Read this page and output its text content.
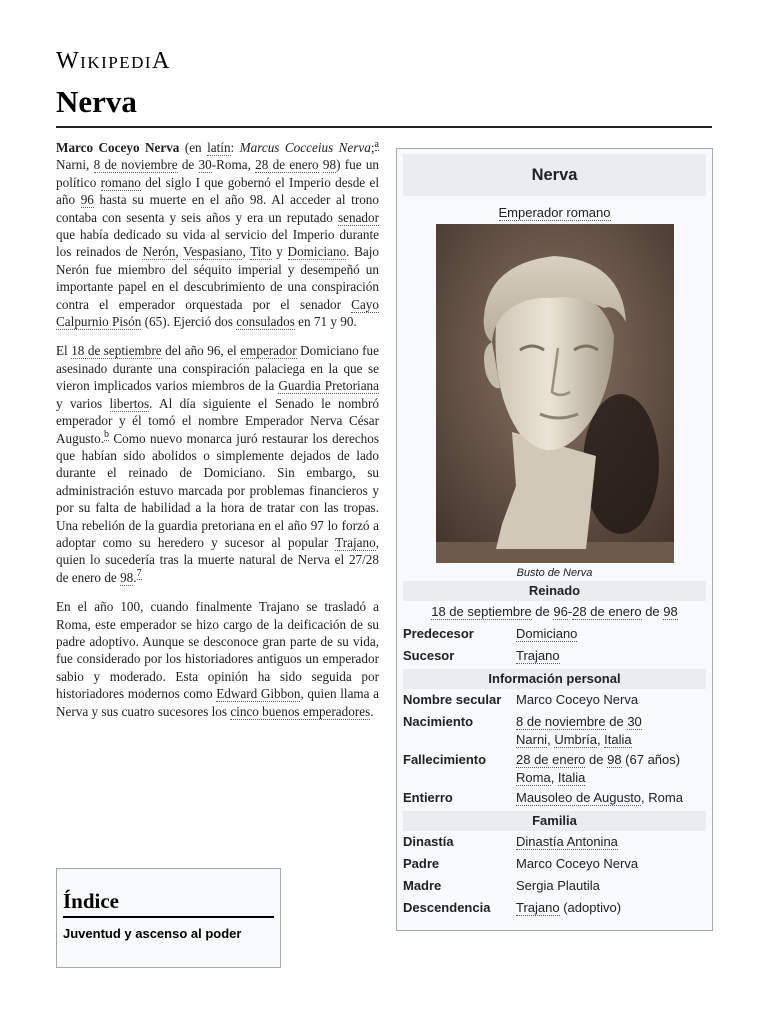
WIKIPEDIA
Nerva

Marco Coceyo Nerva (en latín: Marcus Cocceius Nerva;$^a$ Narni, 8 de noviembre de 30-Roma, 28 de enero 98) fue un político romano del siglo I que gobernó el Imperio desde el año 96 hasta su muerte en el año 98. Al acceder al trono contaba con sesenta y seis años y era un reputado senador que había dedicado su vida al servicio del Imperio durante los reinados de Nerón, Vespasiano, Tito y Domiciano. Bajo Nerón fue miembro del séquito imperial y desempeñó un importante papel en el descubrimiento de una conspiración contra el emperador orquestada por el senador Cayo Calpurnio Pisón (65). Ejerció dos consulados en 71 y 90.

El 18 de septiembre del año 96, el emperador Domiciano fue asesinado durante una conspiración palaciega en la que se vieron implicados varios miembros de la Guardia Pretoriana y varios libertos. Al día siguiente el Senado le nombró emperador y él tomó el nombre Emperador Nerva César Augusto.$^b$ Como nuevo monarca juró restaurar los derechos que habían sido abolidos o simplemente dejados de lado durante el reinado de Domiciano. Sin embargo, su administración estuvo marcada por problemas financieros y por su falta de habilidad a la hora de tratar con las tropas. Una rebelión de la guardia pretoriana en el año 97 lo forzó a adoptar como su heredero y sucesor al popular Trajano, quien lo sucedería tras la muerte natural de Nerva el 27/28 de enero de 98.$^7$

En el año 100, cuando finalmente Trajano se trasladó a Roma, este emperador se hizo cargo de la deificación de su padre adoptivo. Aunque se desconoce gran parte de su vida, fue considerado por los historiadores antiguos un emperador sabio y moderado. Esta opinión ha sido seguida por historiadores modernos como Edward Gibbon, quien llama a Nerva y sus cuatro sucesores los cinco buenos emperadores.

Índice
Juventud y ascenso al poder
Nerva
Emperador romano
Busto de Nerva
Reinado
18 de septiembre de 96-28 de enero de 98
Predecesor	Domiciano
Sucesor	Trajano
Información personal
Nombre secular	Marco Coceyo Nerva
Nacimiento	8 de noviembre de 30
Narni, Umbría, Italia
Fallecimiento	28 de enero de 98 (67 años)
Roma, Italia
Entierro	Mausoleo de Augusto, Roma
Familia
Dinastía	Dinastía Antonina
Padre	Marco Coceyo Nerva
Madre	Sergia Plautila
Descendencia	Trajano (adoptivo)
